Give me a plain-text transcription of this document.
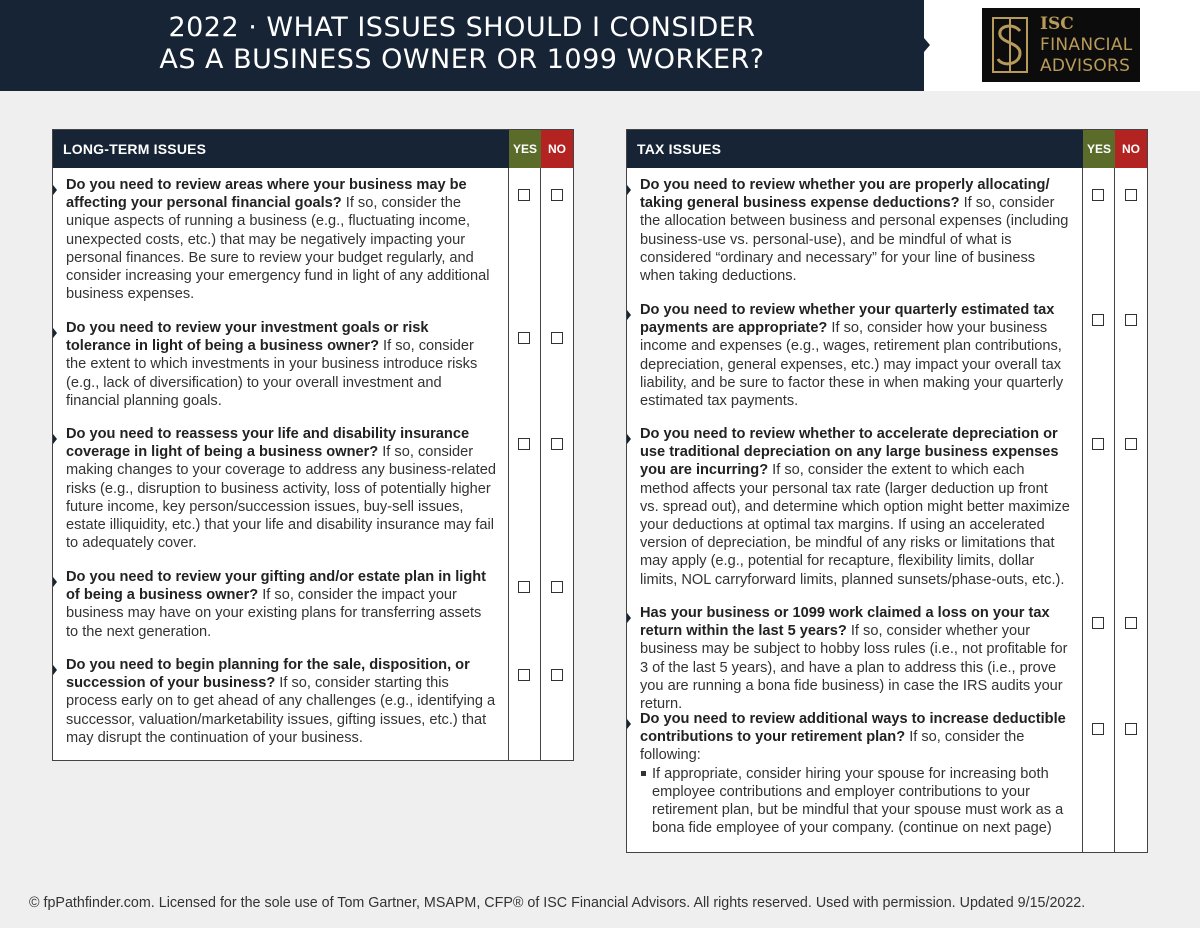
2022 · WHAT ISSUES SHOULD I CONSIDER
AS A BUSINESS OWNER OR 1099 WORKER?
ISC
FINANCIAL
ADVISORS
LONG-TERM ISSUES	YES NO
Do you need to review areas where your business may be affecting your personal financial goals? If so, consider the unique aspects of running a business (e.g., fluctuating income, unexpected costs, etc.) that may be negatively impacting your personal finances. Be sure to review your budget regularly, and consider increasing your emergency fund in light of any additional business expenses.
Do you need to review your investment goals or risk tolerance in light of being a business owner? If so, consider the extent to which investments in your business introduce risks (e.g., lack of diversification) to your overall investment and financial planning goals.
Do you need to reassess your life and disability insurance coverage in light of being a business owner? If so, consider making changes to your coverage to address any business-related risks (e.g., disruption to business activity, loss of potentially higher future income, key person/succession issues, buy-sell issues, estate illiquidity, etc.) that your life and disability insurance may fail to adequately cover.
Do you need to review your gifting and/or estate plan in light of being a business owner? If so, consider the impact your business may have on your existing plans for transferring assets to the next generation.
Do you need to begin planning for the sale, disposition, or succession of your business? If so, consider starting this process early on to get ahead of any challenges (e.g., identifying a successor, valuation/marketability issues, gifting issues, etc.) that may disrupt the continuation of your business.
TAX ISSUES	YES NO
Do you need to review whether you are properly allocating/ taking general business expense deductions? If so, consider the allocation between business and personal expenses (including business-use vs. personal-use), and be mindful of what is considered “ordinary and necessary” for your line of business when taking deductions.
Do you need to review whether your quarterly estimated tax payments are appropriate? If so, consider how your business income and expenses (e.g., wages, retirement plan contributions, depreciation, general expenses, etc.) may impact your overall tax liability, and be sure to factor these in when making your quarterly estimated tax payments.
Do you need to review whether to accelerate depreciation or use traditional depreciation on any large business expenses you are incurring? If so, consider the extent to which each method affects your personal tax rate (larger deduction up front vs. spread out), and determine which option might better maximize your deductions at optimal tax margins. If using an accelerated version of depreciation, be mindful of any risks or limitations that may apply (e.g., potential for recapture, flexibility limits, dollar limits, NOL carryforward limits, planned sunsets/phase-outs, etc.).
Has your business or 1099 work claimed a loss on your tax return within the last 5 years? If so, consider whether your business may be subject to hobby loss rules (i.e., not profitable for 3 of the last 5 years), and have a plan to address this (i.e., prove you are running a bona fide business) in case the IRS audits your return.
Do you need to review additional ways to increase deductible contributions to your retirement plan? If so, consider the following:
If appropriate, consider hiring your spouse for increasing both employee contributions and employer contributions to your retirement plan, but be mindful that your spouse must work as a bona fide employee of your company. (continue on next page)
© fpPathfinder.com. Licensed for the sole use of Tom Gartner, MSAPM, CFP® of ISC Financial Advisors. All rights reserved. Used with permission. Updated 9/15/2022.
